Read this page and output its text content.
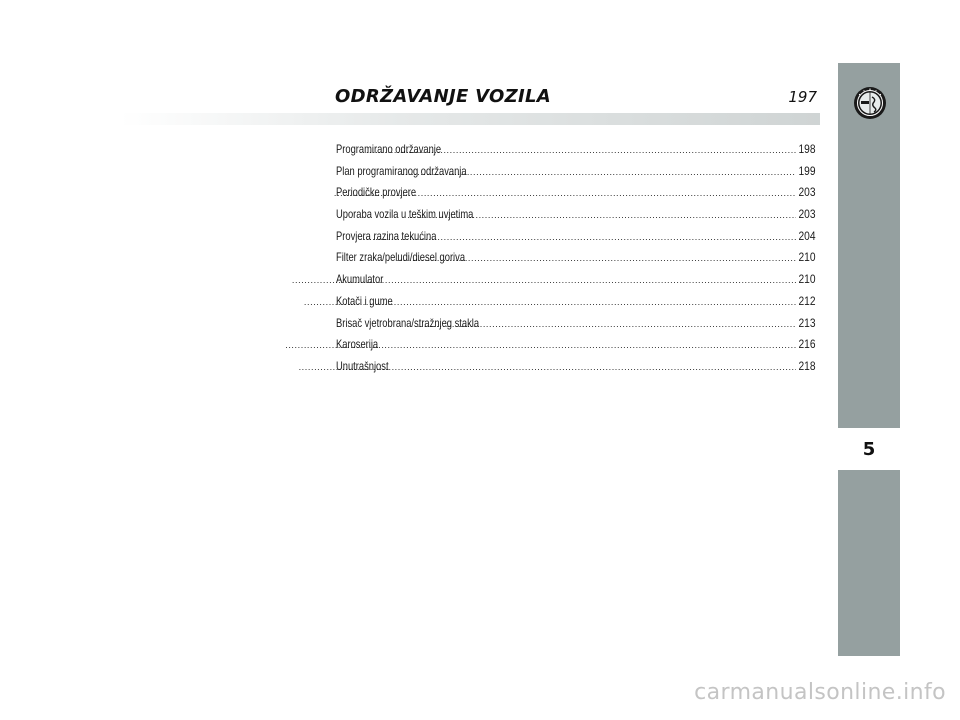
ODRŽAVANJE VOZILA	197
Programirano održavanje .....	198
Plan programiranog održavanja .....	199
Periodičke provjere .....	203
Uporaba vozila u teškim uvjetima .....	203
Provjera razina tekućina .....	204
Filter zraka/peludi/diesel goriva .....	210
Akumulator .....	210
Kotači i gume .....	212
Brisač vjetrobrana/stražnjeg stakla .....	213
Karoserija .....	216
Unutrašnjost .....	218
5
carmanualsonline.info
